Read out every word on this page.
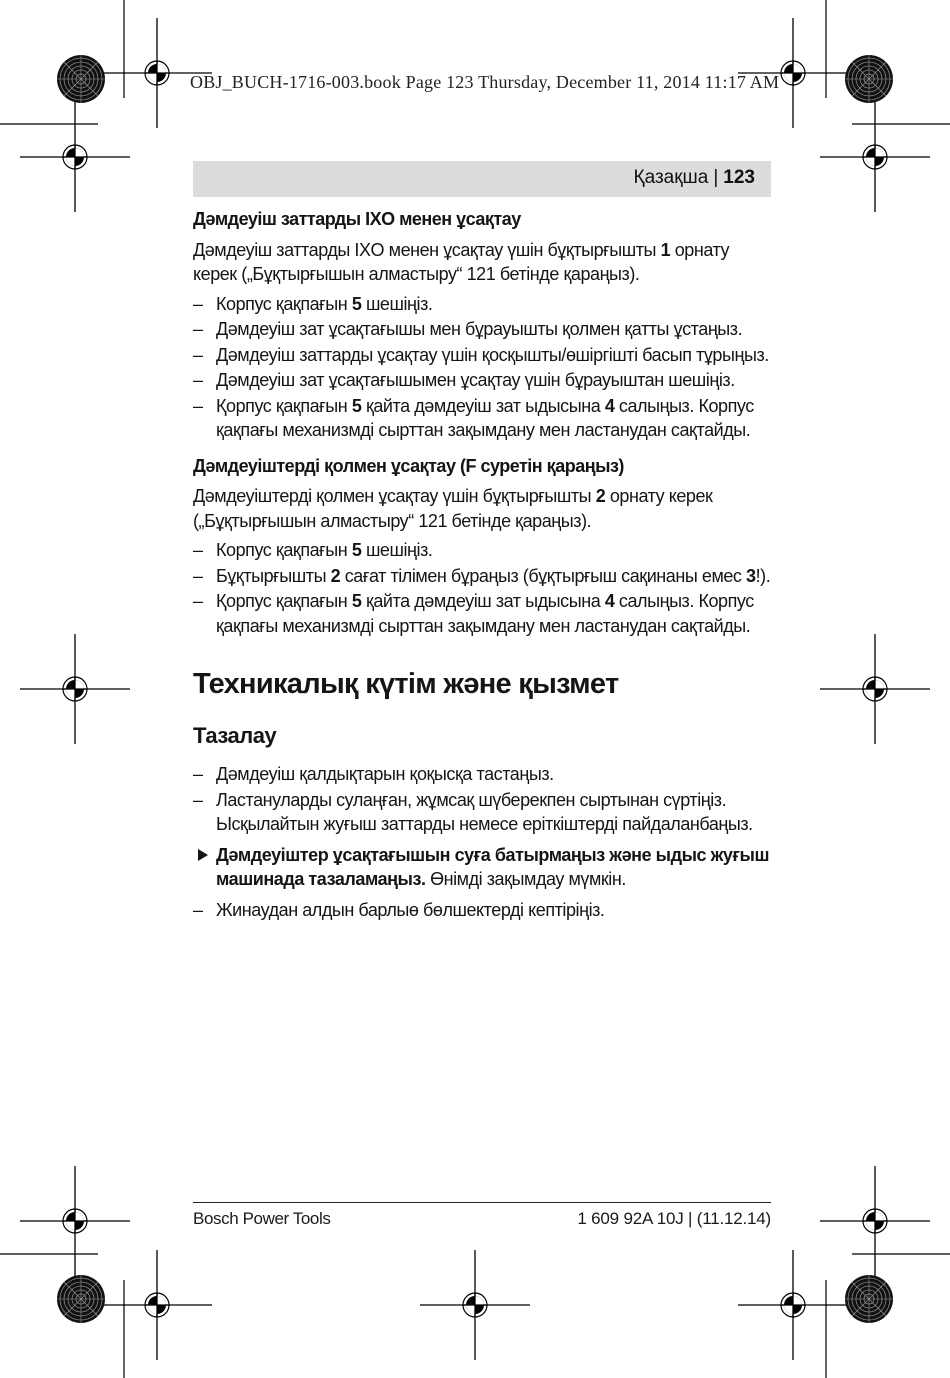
OBJ_BUCH-1716-003.book Page 123 Thursday, December 11, 2014 11:17 AM
Қазақша | 123
Дәмдеуіш заттарды IXO менен ұсақтау
Дәмдеуіш заттарды IXO менен ұсақтау үшін бұқтырғышты 1 орнату керек („Бұқтырғышын алмастыру“ 121 бетінде қараңыз).
– Корпус қақпағын 5 шешіңіз.
– Дәмдеуіш зат ұсақтағышы мен бұрауышты қолмен қатты ұстаңыз.
– Дәмдеуіш заттарды ұсақтау үшін қосқышты/өшіргішті басып тұрыңыз.
– Дәмдеуіш зат ұсақтағышымен ұсақтау үшін бұрауыштан шешіңіз.
– Қорпус қақпағын 5 қайта дәмдеуіш зат ыдысына 4 салыңыз. Корпус қақпағы механизмді сырттан зақымдану мен ластанудан сақтайды.
Дәмдеуіштерді қолмен ұсақтау (F суретін қараңыз)
Дәмдеуіштерді қолмен ұсақтау үшін бұқтырғышты 2 орнату керек („Бұқтырғышын алмастыру“ 121 бетінде қараңыз).
– Корпус қақпағын 5 шешіңіз.
– Бұқтырғышты 2 сағат тілімен бұраңыз (бұқтырғыш сақинаны емес 3!).
– Қорпус қақпағын 5 қайта дәмдеуіш зат ыдысына 4 салыңыз. Корпус қақпағы механизмді сырттан зақымдану мен ластанудан сақтайды.
Техникалық күтім және қызмет
Тазалау
– Дәмдеуіш қалдықтарын қоқысқа тастаңыз.
– Ластануларды сулаңған, жұмсақ шүберекпен сыртынан сүртіңіз. Ысқылайтын жуғыш заттарды немесе еріткіштерді пайдаланбаңыз.
Дәмдеуіштер ұсақтағышын суға батырмаңыз және ыдыс жуғыш машинада тазаламаңыз. Өнімді зақымдау мүмкін.
– Жинаудан алдын барлыө бөлшектерді кептіріңіз.
Bosch Power Tools	1 609 92A 10J | (11.12.14)
